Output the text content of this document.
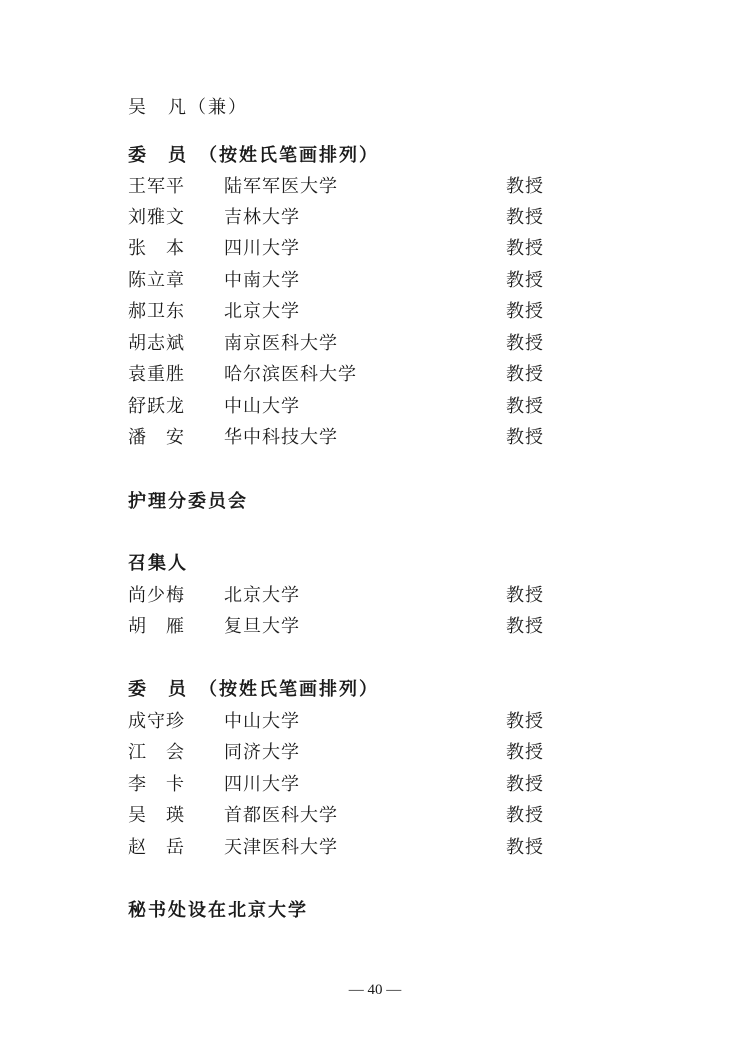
吴　凡（兼）
委　员　（按姓氏笔画排列）
王军平 陆军军医大学	教授
刘雅文 吉林大学	教授
张　本 四川大学	教授
陈立章 中南大学	教授
郝卫东 北京大学	教授
胡志斌 南京医科大学	教授
袁重胜 哈尔滨医科大学	教授
舒跃龙 中山大学	教授
潘　安 华中科技大学	教授
护理分委员会
召集人
尚少梅 北京大学	教授
胡　雁 复旦大学	教授
委　员　（按姓氏笔画排列）
成守珍 中山大学	教授
江　会 同济大学	教授
李　卡 四川大学	教授
吴　瑛 首都医科大学	教授
赵　岳 天津医科大学	教授
秘书处设在北京大学
— 40 —
